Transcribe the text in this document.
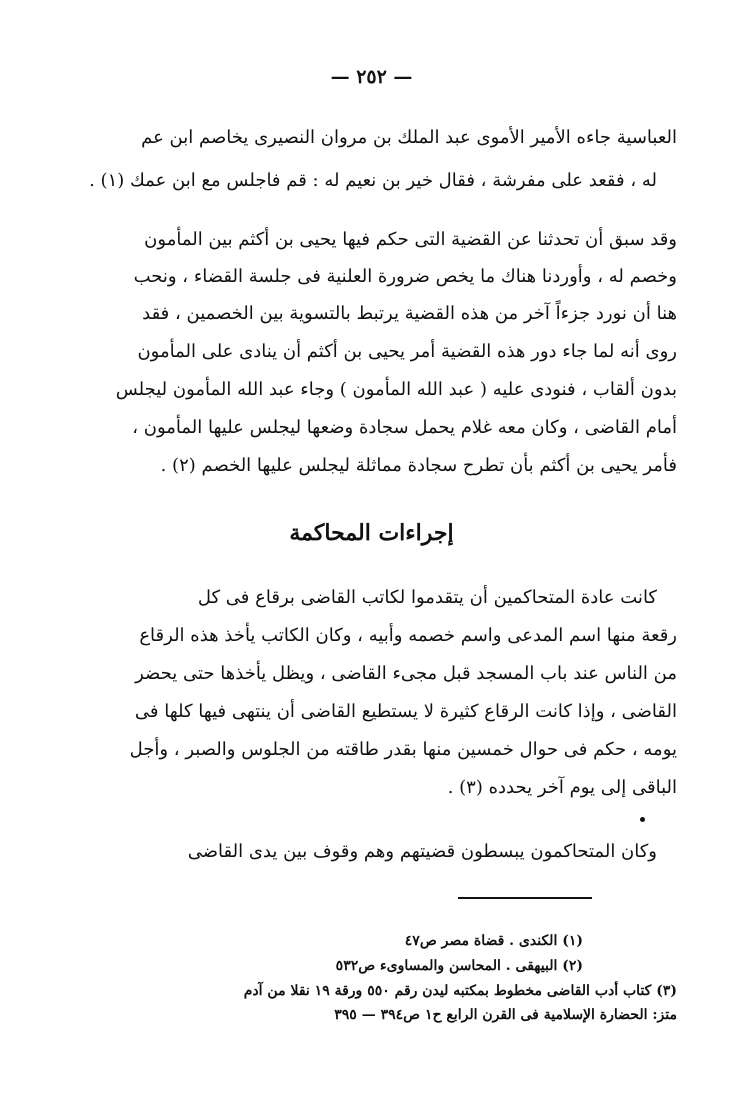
— ٢٥٢ —
العباسية جاءه الأمير الأموى عبد الملك بن مروان النصيرى يخاصم ابن عم
له ، فقعد على مفرشة ، فقال خير بن نعيم له : قم فاجلس مع ابن عمك (١) .
وقد سبق أن تحدثنا عن القضية التى حكم فيها يحيى بن أكثم بين المأمون
وخصم له ، وأوردنا هناك ما يخص ضرورة العلنية فى جلسة القضاء ، ونحب
هنا أن نورد جزءاً آخر من هذه القضية يرتبط بالتسوية بين الخصمين ، فقد
روى أنه لما جاء دور هذه القضية أمر يحيى بن أكثم أن ينادى على المأمون
بدون ألقاب ، فنودى عليه ( عبد الله المأمون ) وجاء عبد الله المأمون ليجلس
أمام القاضى ، وكان معه غلام يحمل سجادة وضعها ليجلس عليها المأمون ،
فأمر يحيى بن أكثم بأن تطرح سجادة مماثلة ليجلس عليها الخصم (٢) .
إجراءات المحاكمة
كانت عادة المتحاكمين أن يتقدموا لكاتب القاضى برقاع فى كل
رقعة منها اسم المدعى واسم خصمه وأبيه ، وكان الكاتب يأخذ هذه الرقاع
من الناس عند باب المسجد قبل مجىء القاضى ، ويظل يأخذها حتى يحضر
القاضى ، وإذا كانت الرقاع كثيرة لا يستطيع القاضى أن ينتهى فيها كلها فى
يومه ، حكم فى حوال خمسين منها بقدر طاقته من الجلوس والصبر ، وأجل
الباقى إلى يوم آخر يحدده (٣) .
وكان المتحاكمون يبسطون قضيتهم وهم وقوف بين يدى القاضى
(١) الكندى . قضاة مصر ص٤٧
(٢) البيهقى . المحاسن والمساوىء ص٥٣٢
(٣) كتاب أدب القاضى مخطوط بمكتبه ليدن رقم ٥٥٠ ورقة ١٩ نقلا من آدم
متز: الحضارة الإسلامية فى القرن الرابع ح١ ص٣٩٤ — ٣٩٥
